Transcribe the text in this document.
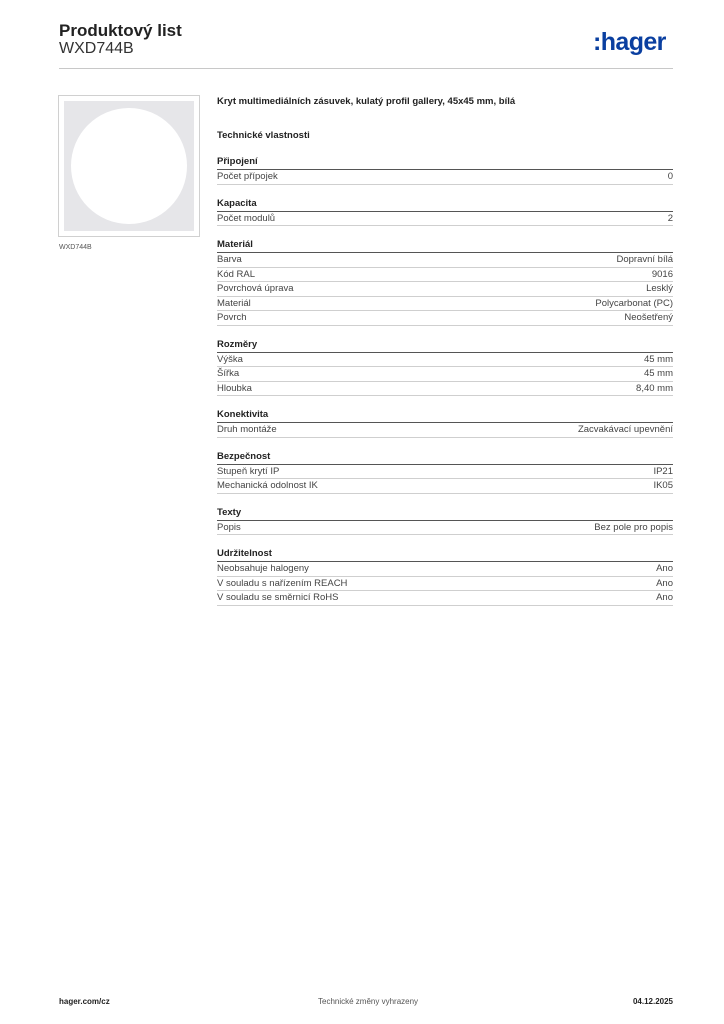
Produktový list
WXD744B	:hager
WXD744B
Kryt multimediálních zásuvek, kulatý profil gallery, 45x45 mm, bílá
Technické vlastnosti
Připojení
Počet přípojek	0
Kapacita
Počet modulů	2
Materiál
Barva	Dopravní bílá
Kód RAL	9016
Povrchová úprava	Lesklý
Materiál	Polycarbonat (PC)
Povrch	Neošetřený
Rozměry
Výška	45 mm
Šířka	45 mm
Hloubka	8,40 mm
Konektivita
Druh montáže	Zacvakávací upevnění
Bezpečnost
Stupeň krytí IP	IP21
Mechanická odolnost IK	IK05
Texty
Popis	Bez pole pro popis
Udržitelnost
Neobsahuje halogeny	Ano
V souladu s nařízením REACH	Ano
V souladu se směrnicí RoHS	Ano
hager.com/cz	Technické změny vyhrazeny	04.12.2025
